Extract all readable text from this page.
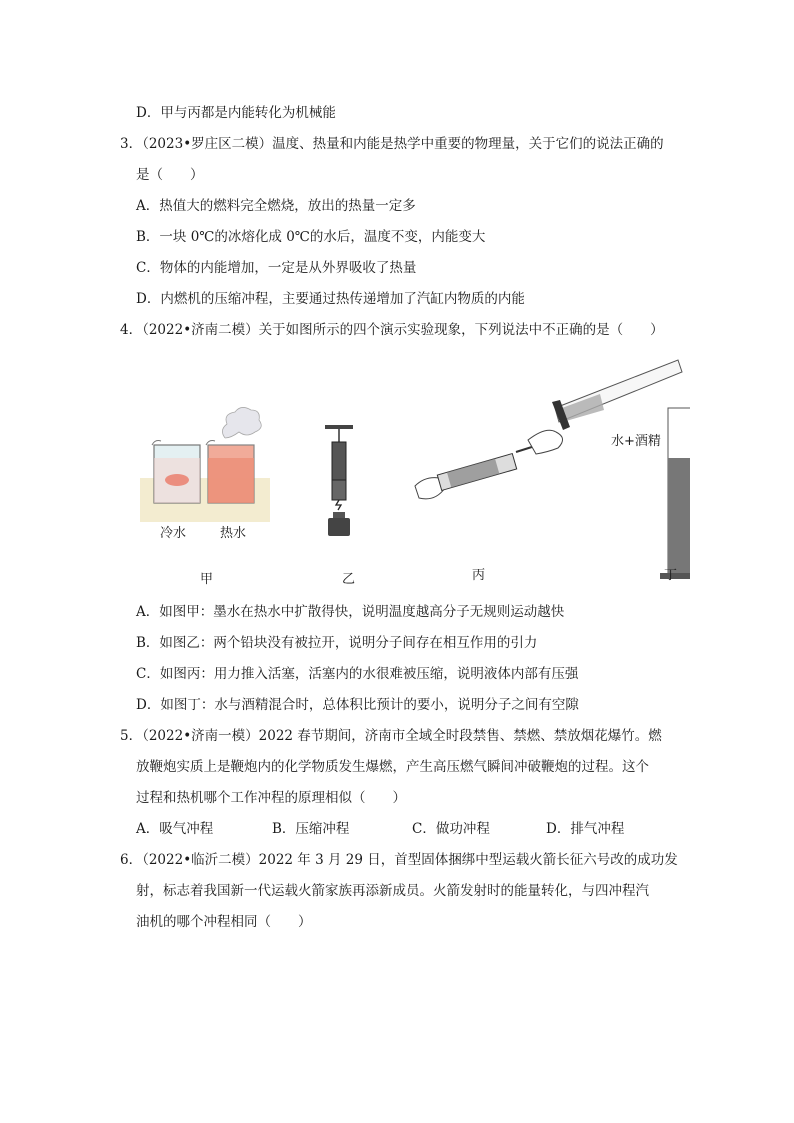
D．甲与丙都是内能转化为机械能
3．（2023•罗庄区二模）温度、热量和内能是热学中重要的物理量，关于它们的说法正确的
是（　　）
A．热值大的燃料完全燃烧，放出的热量一定多
B．一块 0℃的冰熔化成 0℃的水后，温度不变，内能变大
C．物体的内能增加，一定是从外界吸收了热量
D．内燃机的压缩冲程，主要通过热传递增加了汽缸内物质的内能
4．（2022•济南二模）关于如图所示的四个演示实验现象，下列说法中不正确的是（　　）
冷水	热水
水+酒精
甲	乙	丙	丁
A．如图甲：墨水在热水中扩散得快，说明温度越高分子无规则运动越快
B．如图乙：两个铅块没有被拉开，说明分子间存在相互作用的引力
C．如图丙：用力推入活塞，活塞内的水很难被压缩，说明液体内部有压强
D．如图丁：水与酒精混合时，总体积比预计的要小，说明分子之间有空隙
5．（2022•济南一模）2022 春节期间，济南市全域全时段禁售、禁燃、禁放烟花爆竹。燃
放鞭炮实质上是鞭炮内的化学物质发生爆燃，产生高压燃气瞬间冲破鞭炮的过程。这个
过程和热机哪个工作冲程的原理相似（　　）
A．吸气冲程	B．压缩冲程	C．做功冲程	D．排气冲程
6．（2022•临沂二模）2022 年 3 月 29 日，首型固体捆绑中型运载火箭长征六号改的成功发
射，标志着我国新一代运载火箭家族再添新成员。火箭发射时的能量转化，与四冲程汽
油机的哪个冲程相同（　　）
